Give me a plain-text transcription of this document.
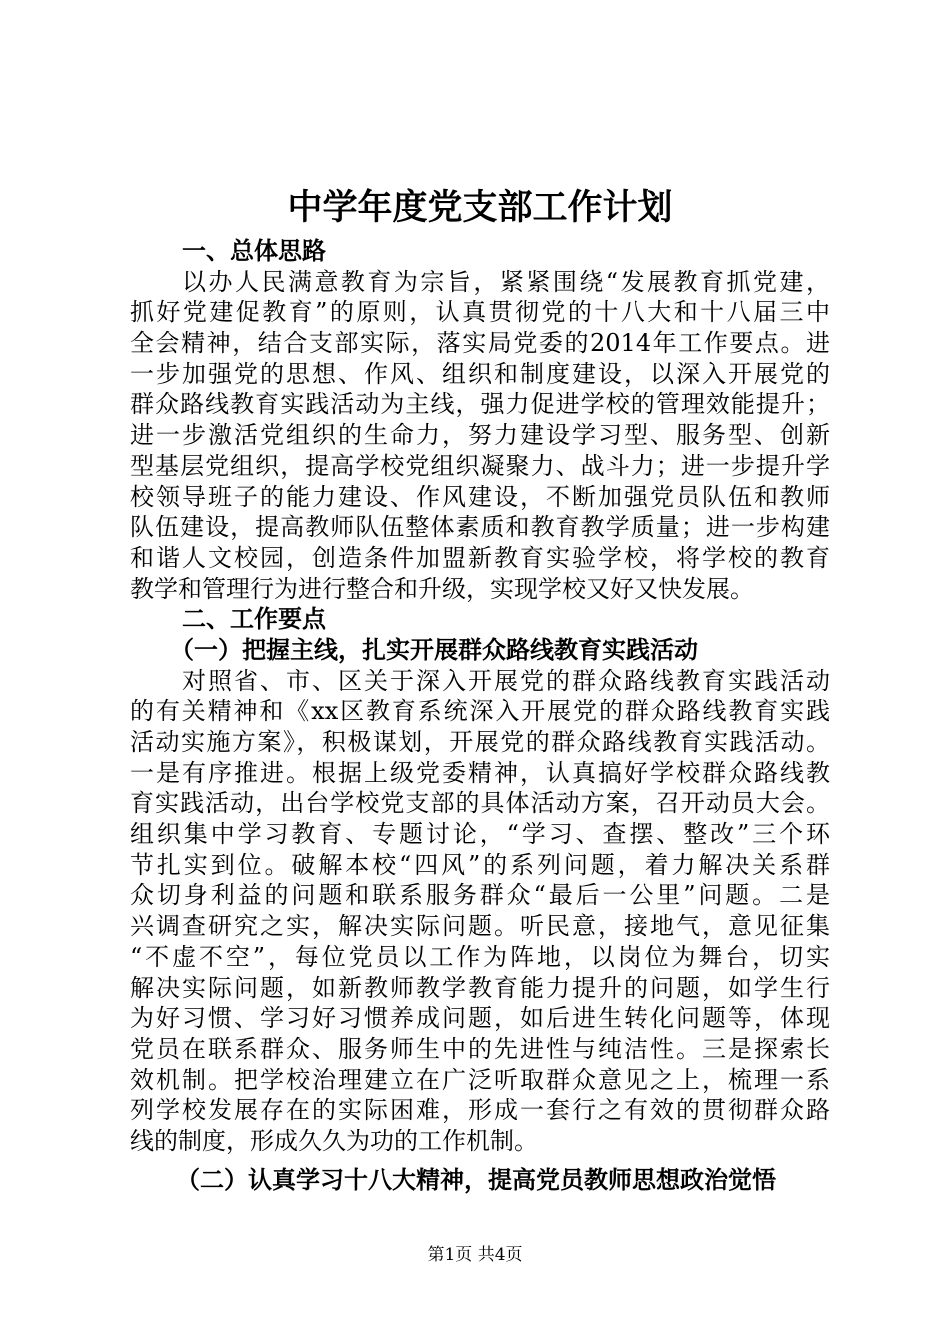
中学年度党支部工作计划
一、总体思路
以办人民满意教育为宗旨，紧紧围绕“发展教育抓党建，
抓好党建促教育”的原则，认真贯彻党的十八大和十八届三中
全会精神，结合支部实际，落实局党委的2014年工作要点。进
一步加强党的思想、作风、组织和制度建设，以深入开展党的
群众路线教育实践活动为主线，强力促进学校的管理效能提升；
进一步激活党组织的生命力，努力建设学习型、服务型、创新
型基层党组织，提高学校党组织凝聚力、战斗力；进一步提升学
校领导班子的能力建设、作风建设，不断加强党员队伍和教师
队伍建设，提高教师队伍整体素质和教育教学质量；进一步构建
和谐人文校园，创造条件加盟新教育实验学校，将学校的教育
教学和管理行为进行整合和升级，实现学校又好又快发展。
二、工作要点
（一）把握主线，扎实开展群众路线教育实践活动
对照省、市、区关于深入开展党的群众路线教育实践活动
的有关精神和《xx区教育系统深入开展党的群众路线教育实践
活动实施方案》，积极谋划，开展党的群众路线教育实践活动。
一是有序推进。根据上级党委精神，认真搞好学校群众路线教
育实践活动，出台学校党支部的具体活动方案，召开动员大会。
组织集中学习教育、专题讨论，“学习、查摆、整改”三个环
节扎实到位。破解本校“四风”的系列问题，着力解决关系群
众切身利益的问题和联系服务群众“最后一公里”问题。二是
兴调查研究之实，解决实际问题。听民意，接地气，意见征集
“不虚不空”，每位党员以工作为阵地，以岗位为舞台，切实
解决实际问题，如新教师教学教育能力提升的问题，如学生行
为好习惯、学习好习惯养成问题，如后进生转化问题等，体现
党员在联系群众、服务师生中的先进性与纯洁性。三是探索长
效机制。把学校治理建立在广泛听取群众意见之上，梳理一系
列学校发展存在的实际困难，形成一套行之有效的贯彻群众路
线的制度，形成久久为功的工作机制。
（二）认真学习十八大精神，提高党员教师思想政治觉悟
第1页 共4页
